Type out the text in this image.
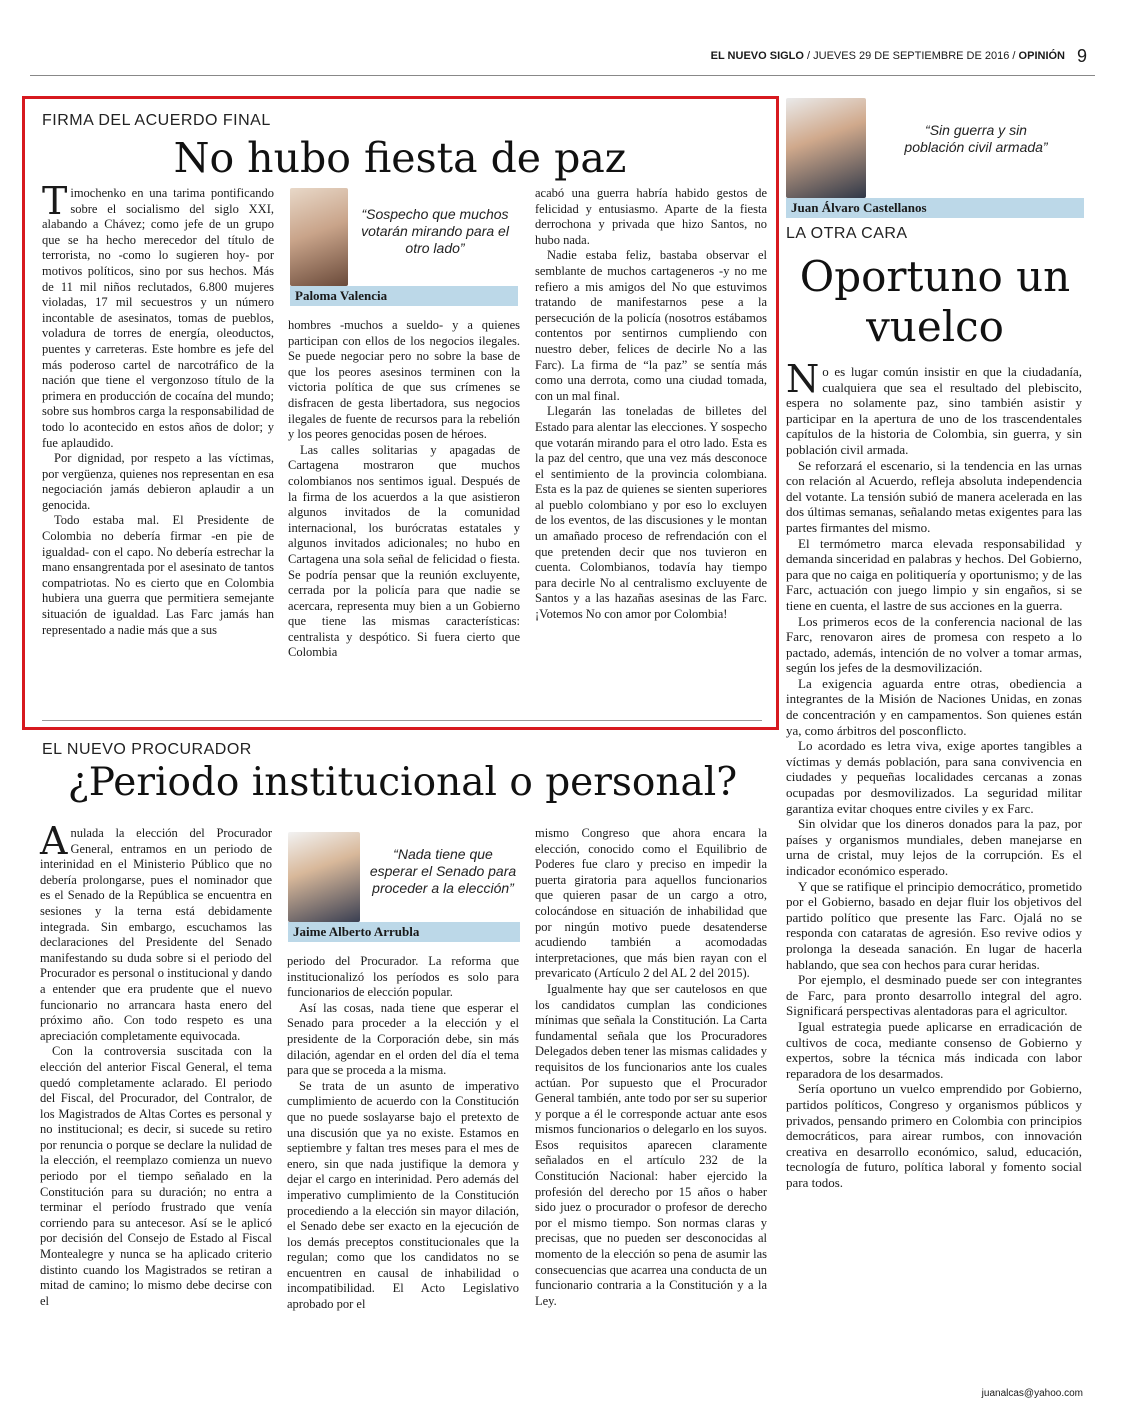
EL NUEVO SIGLO / JUEVES 29 DE SEPTIEMBRE DE 2016 / OPINIÓN 9
FIRMA DEL ACUERDO FINAL
No hubo fiesta de paz

Timochenko en una tarima pontificando sobre el socialismo del siglo XXI, alabando a Chávez; como jefe de un grupo que se ha hecho merecedor del título de terrorista, no -como lo sugieren hoy- por motivos políticos, sino por sus hechos. Más de 11 mil niños reclutados, 6.800 mujeres violadas, 17 mil secuestros y un número incontable de asesinatos, tomas de pueblos, voladura de torres de energía, oleoductos, puentes y carreteras. Este hombre es jefe del más poderoso cartel de narcotráfico de la nación que tiene el vergonzoso título de la primera en producción de cocaína del mundo; sobre sus hombros carga la responsabilidad de todo lo acontecido en estos años de dolor; y fue aplaudido.

Por dignidad, por respeto a las víctimas, por vergüenza, quienes nos representan en esa negociación jamás debieron aplaudir a un genocida.

Todo estaba mal. El Presidente de Colombia no debería firmar -en pie de igualdad- con el capo. No debería estrechar la mano ensangrentada por el asesinato de tantos compatriotas. No es cierto que en Colombia hubiera una guerra que permitiera semejante situación de igualdad. Las Farc jamás han representado a nadie más que a sus

“Sospecho que muchos votarán mirando para el otro lado”
Paloma Valencia

hombres -muchos a sueldo- y a quienes participan con ellos de los negocios ilegales. Se puede negociar pero no sobre la base de que los peores asesinos terminen con la victoria política de que sus crímenes se disfracen de gesta libertadora, sus negocios ilegales de fuente de recursos para la rebelión y los peores genocidas posen de héroes.

Las calles solitarias y apagadas de Cartagena mostraron que muchos colombianos nos sentimos igual. Después de la firma de los acuerdos a la que asistieron algunos invitados de la comunidad internacional, los burócratas estatales y algunos invitados adicionales; no hubo en Cartagena una sola señal de felicidad o fiesta. Se podría pensar que la reunión excluyente, cerrada por la policía para que nadie se acercara, representa muy bien a un Gobierno que tiene las mismas características: centralista y despótico. Si fuera cierto que Colombia

acabó una guerra habría habido gestos de felicidad y entusiasmo. Aparte de la fiesta derrochona y privada que hizo Santos, no hubo nada.

Nadie estaba feliz, bastaba observar el semblante de muchos cartageneros -y no me refiero a mis amigos del No que estuvimos tratando de manifestarnos pese a la persecución de la policía (nosotros estábamos contentos por sentirnos cumpliendo con nuestro deber, felices de decirle No a las Farc). La firma de “la paz” se sentía más como una derrota, como una ciudad tomada, con un mal final.

Llegarán las toneladas de billetes del Estado para alentar las elecciones. Y sospecho que votarán mirando para el otro lado. Esta es la paz del centro, que una vez más desconoce el sentimiento de la provincia colombiana. Esta es la paz de quienes se sienten superiores al pueblo colombiano y por eso lo excluyen de los eventos, de las discusiones y le montan un amañado proceso de refrendación con el que pretenden decir que nos tuvieron en cuenta. Colombianos, todavía hay tiempo para decirle No al centralismo excluyente de Santos y a las hazañas asesinas de las Farc. ¡Votemos No con amor por Colombia!

EL NUEVO PROCURADOR
¿Periodo institucional o personal?

Anulada la elección del Procurador General, entramos en un periodo de interinidad en el Ministerio Público que no debería prolongarse, pues el nominador que es el Senado de la República se encuentra en sesiones y la terna está debidamente integrada. Sin embargo, escuchamos las declaraciones del Presidente del Senado manifestando su duda sobre si el periodo del Procurador es personal o institucional y dando a entender que era prudente que el nuevo funcionario no arrancara hasta enero del próximo año. Con todo respeto es una apreciación completamente equivocada.

Con la controversia suscitada con la elección del anterior Fiscal General, el tema quedó completamente aclarado. El periodo del Fiscal, del Procurador, del Contralor, de los Magistrados de Altas Cortes es personal y no institucional; es decir, si sucede su retiro por renuncia o porque se declare la nulidad de la elección, el reemplazo comienza un nuevo periodo por el tiempo señalado en la Constitución para su duración; no entra a terminar el período frustrado que venía corriendo para su antecesor. Así se le aplicó por decisión del Consejo de Estado al Fiscal Montealegre y nunca se ha aplicado criterio distinto cuando los Magistrados se retiran a mitad de camino; lo mismo debe decirse con el

“Nada tiene que esperar el Senado para proceder a la elección”
Jaime Alberto Arrubla

periodo del Procurador. La reforma que institucionalizó los períodos es solo para funcionarios de elección popular.

Así las cosas, nada tiene que esperar el Senado para proceder a la elección y el presidente de la Corporación debe, sin más dilación, agendar en el orden del día el tema para que se proceda a la misma.

Se trata de un asunto de imperativo cumplimiento de acuerdo con la Constitución que no puede soslayarse bajo el pretexto de una discusión que ya no existe. Estamos en septiembre y faltan tres meses para el mes de enero, sin que nada justifique la demora y dejar el cargo en interinidad. Pero además del imperativo cumplimiento de la Constitución procediendo a la elección sin mayor dilación, el Senado debe ser exacto en la ejecución de los demás preceptos constitucionales que la regulan; como que los candidatos no se encuentren en causal de inhabilidad o incompatibilidad. El Acto Legislativo aprobado por el

mismo Congreso que ahora encara la elección, conocido como el Equilibrio de Poderes fue claro y preciso en impedir la puerta giratoria para aquellos funcionarios que quieren pasar de un cargo a otro, colocándose en situación de inhabilidad que por ningún motivo puede desatenderse acudiendo también a acomodadas interpretaciones, que más bien rayan con el prevaricato (Artículo 2 del AL 2 del 2015).

Igualmente hay que ser cautelosos en que los candidatos cumplan las condiciones mínimas que señala la Constitución. La Carta fundamental señala que los Procuradores Delegados deben tener las mismas calidades y requisitos de los funcionarios ante los cuales actúan. Por supuesto que el Procurador General también, ante todo por ser su superior y porque a él le corresponde actuar ante esos mismos funcionarios o delegarlo en los suyos. Esos requisitos aparecen claramente señalados en el artículo 232 de la Constitución Nacional: haber ejercido la profesión del derecho por 15 años o haber sido juez o procurador o profesor de derecho por el mismo tiempo. Son normas claras y precisas, que no pueden ser desconocidas al momento de la elección so pena de asumir las consecuencias que acarrea una conducta de un funcionario contraria a la Constitución y a la Ley.

“Sin guerra y sin población civil armada”
Juan Álvaro Castellanos
LA OTRA CARA
Oportuno un vuelco

No es lugar común insistir en que la ciudadanía, cualquiera que sea el resultado del plebiscito, espera no solamente paz, sino también asistir y participar en la apertura de uno de los trascendentales capítulos de la historia de Colombia, sin guerra, y sin población civil armada.

Se reforzará el escenario, si la tendencia en las urnas con relación al Acuerdo, refleja absoluta independencia del votante. La tensión subió de manera acelerada en las dos últimas semanas, señalando metas exigentes para las partes firmantes del mismo.

El termómetro marca elevada responsabilidad y demanda sinceridad en palabras y hechos. Del Gobierno, para que no caiga en politiquería y oportunismo; y de las Farc, actuación con juego limpio y sin engaños, si se tiene en cuenta, el lastre de sus acciones en la guerra.

Los primeros ecos de la conferencia nacional de las Farc, renovaron aires de promesa con respeto a lo pactado, además, intención de no volver a tomar armas, según los jefes de la desmovilización.

La exigencia aguarda entre otras, obediencia a integrantes de la Misión de Naciones Unidas, en zonas de concentración y en campamentos. Son quienes están ya, como árbitros del posconflicto.

Lo acordado es letra viva, exige aportes tangibles a víctimas y demás población, para sana convivencia en ciudades y pequeñas localidades cercanas a zonas ocupadas por desmovilizados. La seguridad militar garantiza evitar choques entre civiles y ex Farc.

Sin olvidar que los dineros donados para la paz, por países y organismos mundiales, deben manejarse en urna de cristal, muy lejos de la corrupción. Es el indicador económico esperado.

Y que se ratifique el principio democrático, prometido por el Gobierno, basado en dejar fluir los objetivos del partido político que presente las Farc. Ojalá no se responda con cataratas de agresión. Eso revive odios y prolonga la deseada sanación. En lugar de hacerla hablando, que sea con hechos para curar heridas.

Por ejemplo, el desminado puede ser con integrantes de Farc, para pronto desarrollo integral del agro. Significará perspectivas alentadoras para el agricultor.

Igual estrategia puede aplicarse en erradicación de cultivos de coca, mediante consenso de Gobierno y expertos, sobre la técnica más indicada con labor reparadora de los desarmados.

Sería oportuno un vuelco emprendido por Gobierno, partidos políticos, Congreso y organismos públicos y privados, pensando primero en Colombia con principios democráticos, para airear rumbos, con innovación creativa en desarrollo económico, salud, educación, tecnología de futuro, política laboral y fomento social para todos.

juanalcas@yahoo.com
